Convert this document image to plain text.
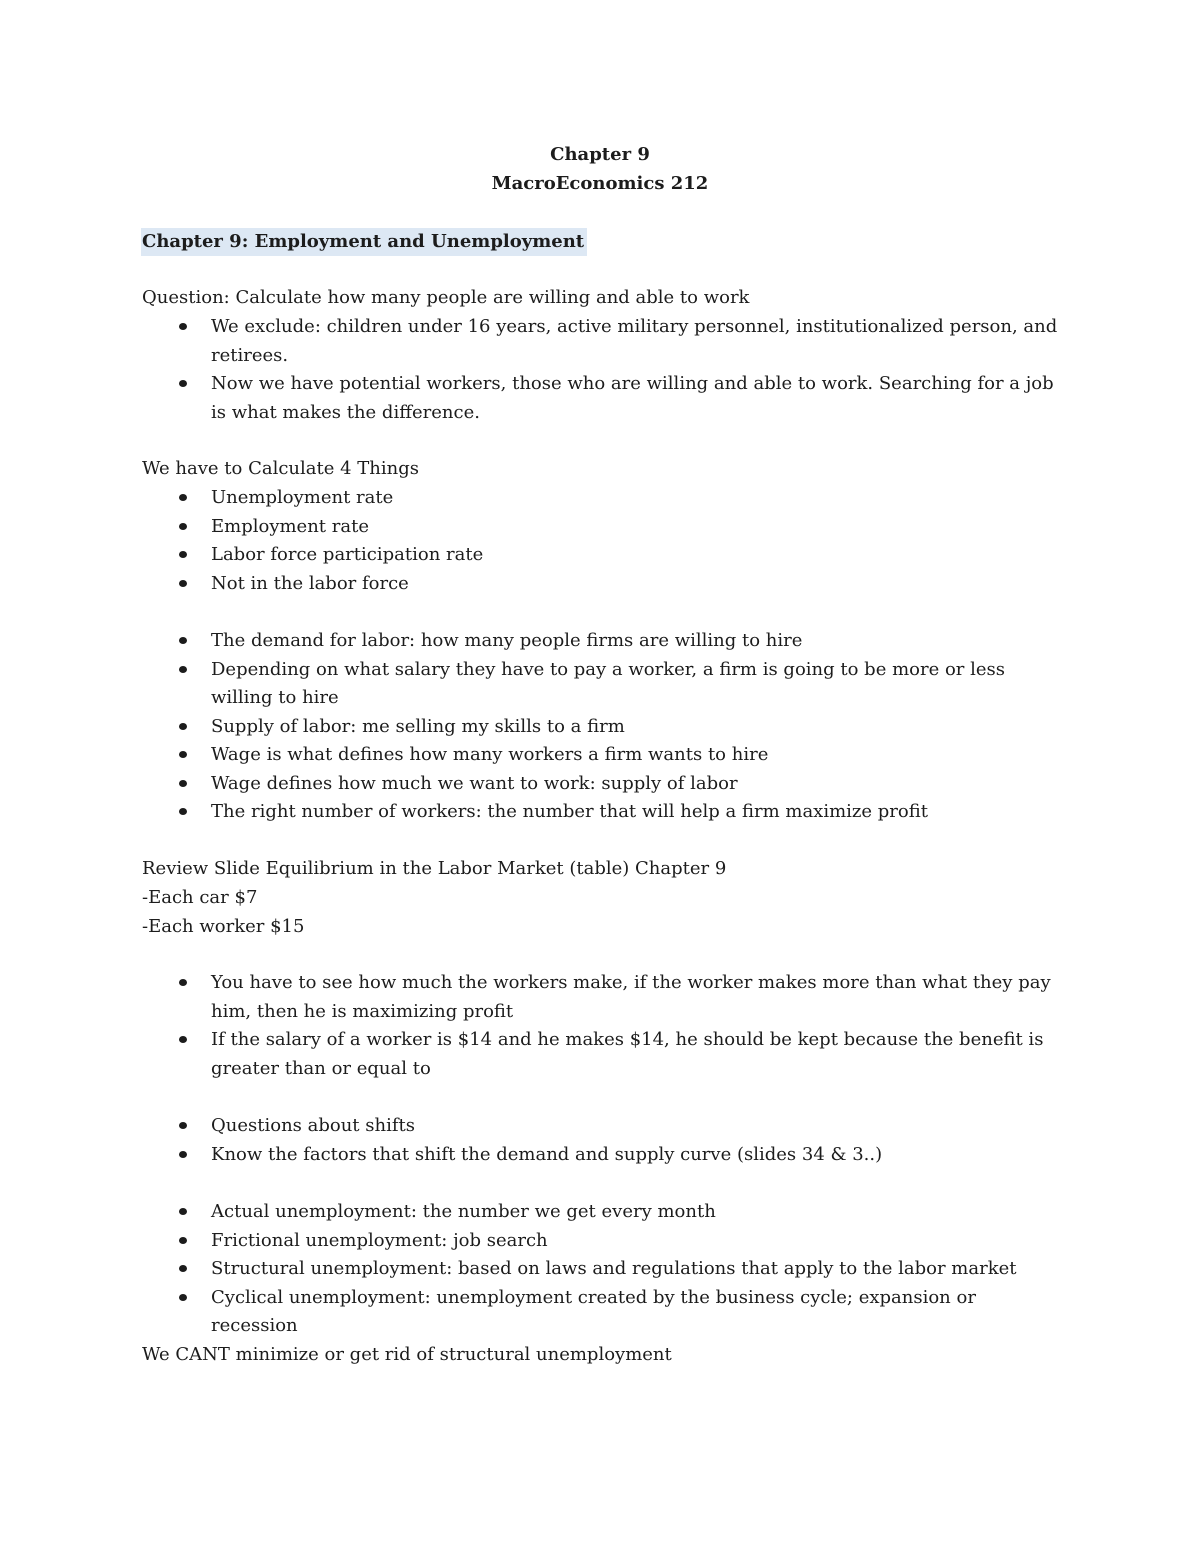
Chapter 9
MacroEconomics 212
Chapter 9: Employment and Unemployment
Question: Calculate how many people are willing and able to work
We exclude: children under 16 years, active military personnel, institutionalized person, and retirees.
Now we have potential workers, those who are willing and able to work. Searching for a job is what makes the difference.
We have to Calculate 4 Things
Unemployment rate
Employment rate
Labor force participation rate
Not in the labor force
The demand for labor: how many people firms are willing to hire
Depending on what salary they have to pay a worker, a firm is going to be more or less willing to hire
Supply of labor: me selling my skills to a firm
Wage is what defines how many workers a firm wants to hire
Wage defines how much we want to work: supply of labor
The right number of workers: the number that will help a firm maximize profit
Review Slide Equilibrium in the Labor Market (table) Chapter 9
-Each car $7
-Each worker $15
You have to see how much the workers make, if the worker makes more than what they pay him, then he is maximizing profit
If the salary of a worker is $14 and he makes $14, he should be kept because the benefit is greater than or equal to
Questions about shifts
Know the factors that shift the demand and supply curve (slides 34 & 3..)
Actual unemployment: the number we get every month
Frictional unemployment: job search
Structural unemployment: based on laws and regulations that apply to the labor market
Cyclical unemployment: unemployment created by the business cycle; expansion or recession
We CANT minimize or get rid of structural unemployment
